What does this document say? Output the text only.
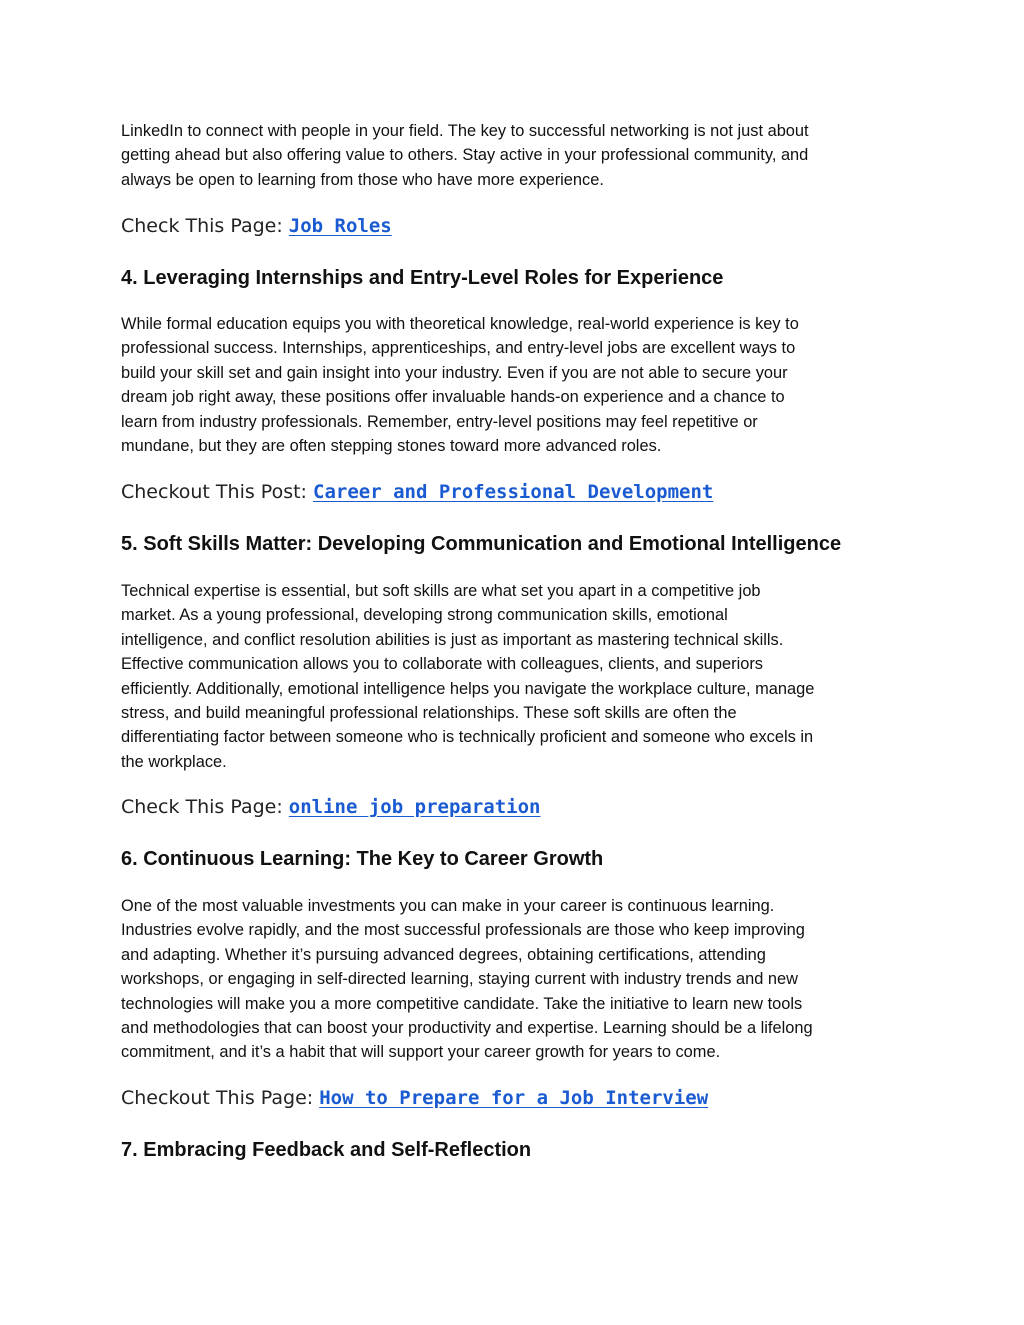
LinkedIn to connect with people in your field. The key to successful networking is not just about
getting ahead but also offering value to others. Stay active in your professional community, and
always be open to learning from those who have more experience.

Check This Page: Job Roles

4. Leveraging Internships and Entry-Level Roles for Experience

While formal education equips you with theoretical knowledge, real-world experience is key to
professional success. Internships, apprenticeships, and entry-level jobs are excellent ways to
build your skill set and gain insight into your industry. Even if you are not able to secure your
dream job right away, these positions offer invaluable hands-on experience and a chance to
learn from industry professionals. Remember, entry-level positions may feel repetitive or
mundane, but they are often stepping stones toward more advanced roles.

Checkout This Post: Career and Professional Development

5. Soft Skills Matter: Developing Communication and Emotional Intelligence

Technical expertise is essential, but soft skills are what set you apart in a competitive job
market. As a young professional, developing strong communication skills, emotional
intelligence, and conflict resolution abilities is just as important as mastering technical skills.
Effective communication allows you to collaborate with colleagues, clients, and superiors
efficiently. Additionally, emotional intelligence helps you navigate the workplace culture, manage
stress, and build meaningful professional relationships. These soft skills are often the
differentiating factor between someone who is technically proficient and someone who excels in
the workplace.

Check This Page: online job preparation

6. Continuous Learning: The Key to Career Growth

One of the most valuable investments you can make in your career is continuous learning.
Industries evolve rapidly, and the most successful professionals are those who keep improving
and adapting. Whether it’s pursuing advanced degrees, obtaining certifications, attending
workshops, or engaging in self-directed learning, staying current with industry trends and new
technologies will make you a more competitive candidate. Take the initiative to learn new tools
and methodologies that can boost your productivity and expertise. Learning should be a lifelong
commitment, and it’s a habit that will support your career growth for years to come.

Checkout This Page: How to Prepare for a Job Interview

7. Embracing Feedback and Self-Reflection
